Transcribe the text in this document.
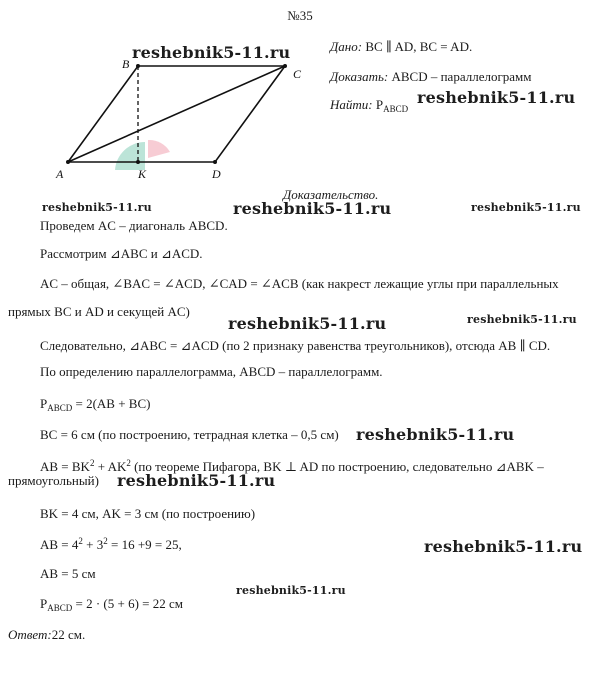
№35
B
C
A	K	D
reshebnik5-11.ru	Дано: BC ∥ AD, BC = AD.
Доказать: ABCD – параллелограмм
Найти: $P_{ABCD}$
reshebnik5-11.ru
Доказательство.
reshebnik5-11.ru	reshebnik5-11.ru	reshebnik5-11.ru
Проведем AC – диагональ ABCD.
Рассмотрим ⊿ABC и ⊿ACD.
AC – общая, ∠BAC = ∠ACD, ∠CAD = ∠ACB (как накрест лежащие углы при параллельных
прямых BC и AD и секущей AC)
reshebnik5-11.ru	reshebnik5-11.ru
Следовательно, ⊿ABC = ⊿ACD (по 2 признаку равенства треугольников), отсюда AB ∥ CD.
По определению параллелограмма, ABCD – параллелограмм.
$P_{ABCD} = 2(AB + BC)$
BC = 6 см (по построению, тетрадная клетка – 0,5 см) reshebnik5-11.ru
AB = $BK^2 + AK^2$ (по теореме Пифагора, BK ⊥ AD по построению, следовательно ⊿ABK –
прямоугольный) reshebnik5-11.ru
BK = 4 см, AK = 3 см (по построению)
AB = $4^2 + 3^2 = 16 +9 = 25$,	reshebnik5-11.ru
AB = 5 см
reshebnik5-11.ru
$P_{ABCD} = 2 \cdot (5 + 6) = 22$ см
Ответ:22 см.
